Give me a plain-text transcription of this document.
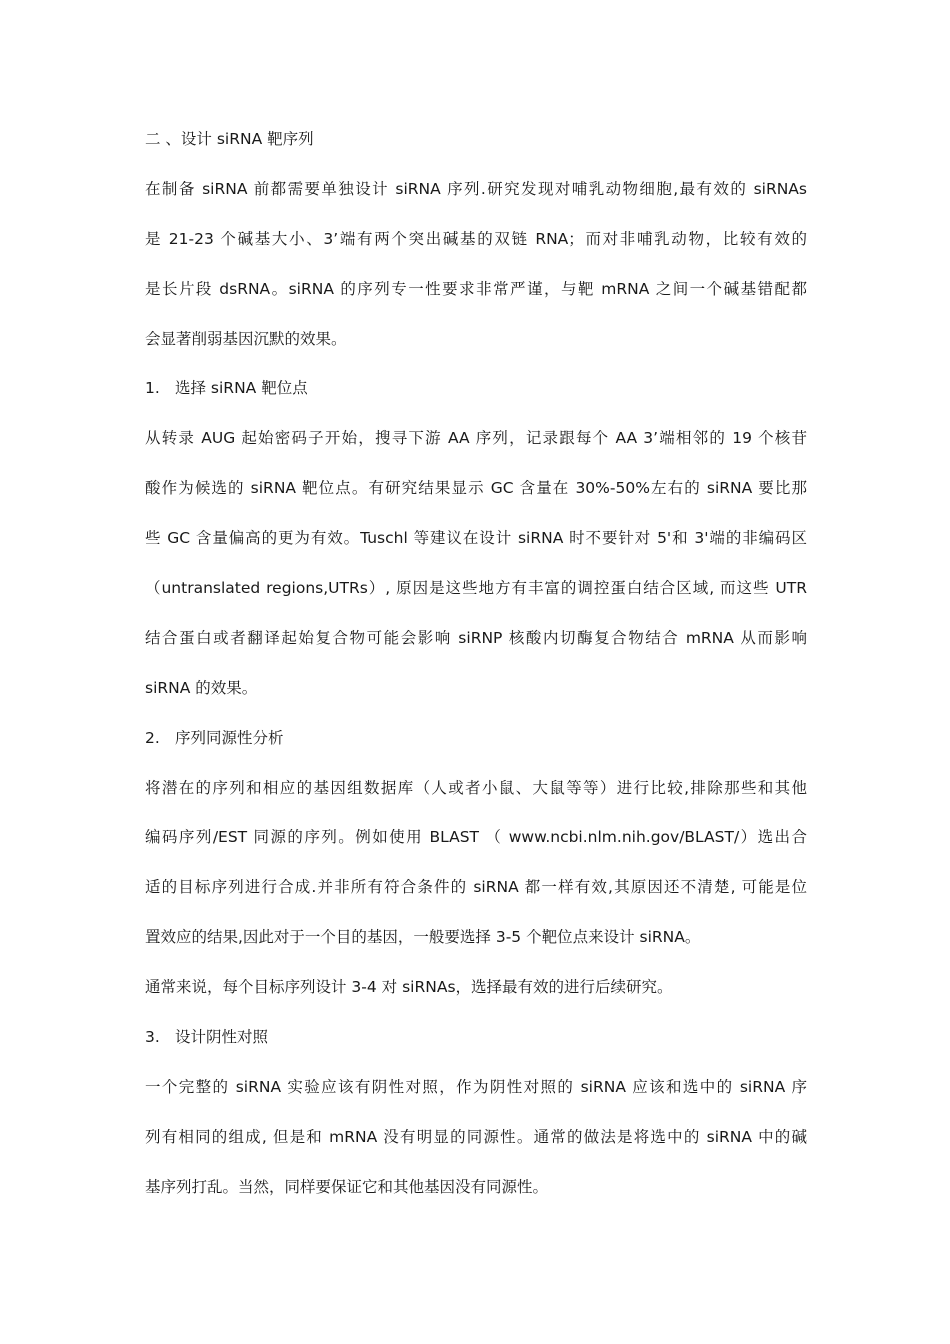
二 、设计 siRNA 靶序列
在制备 siRNA 前都需要单独设计 siRNA 序列.研究发现对哺乳动物细胞,最有效的 siRNAs
是 21-23 个碱基大小、3’端有两个突出碱基的双链 RNA；而对非哺乳动物，比较有效的
是长片段 dsRNA。siRNA 的序列专一性要求非常严谨，与靶 mRNA 之间一个碱基错配都
会显著削弱基因沉默的效果。
1. 选择 siRNA 靶位点
从转录 AUG 起始密码子开始，搜寻下游 AA 序列，记录跟每个 AA 3’端相邻的 19 个核苷
酸作为候选的 siRNA 靶位点。有研究结果显示 GC 含量在 30%-50%左右的 siRNA 要比那
些 GC 含量偏高的更为有效。Tuschl 等建议在设计 siRNA 时不要针对 5'和 3'端的非编码区
（untranslated regions,UTRs）, 原因是这些地方有丰富的调控蛋白结合区域, 而这些 UTR
结合蛋白或者翻译起始复合物可能会影响 siRNP 核酸内切酶复合物结合 mRNA 从而影响
siRNA 的效果。
2. 序列同源性分析
将潜在的序列和相应的基因组数据库（人或者小鼠、大鼠等等）进行比较,排除那些和其他
编码序列/EST 同源的序列。例如使用 BLAST （ www.ncbi.nlm.nih.gov/BLAST/）选出合
适的目标序列进行合成.并非所有符合条件的 siRNA 都一样有效,其原因还不清楚, 可能是位
置效应的结果,因此对于一个目的基因，一般要选择 3-5 个靶位点来设计 siRNA。
通常来说，每个目标序列设计 3-4 对 siRNAs，选择最有效的进行后续研究。
3. 设计阴性对照
一个完整的 siRNA 实验应该有阴性对照，作为阴性对照的 siRNA 应该和选中的 siRNA 序
列有相同的组成, 但是和 mRNA 没有明显的同源性。通常的做法是将选中的 siRNA 中的碱
基序列打乱。当然，同样要保证它和其他基因没有同源性。
